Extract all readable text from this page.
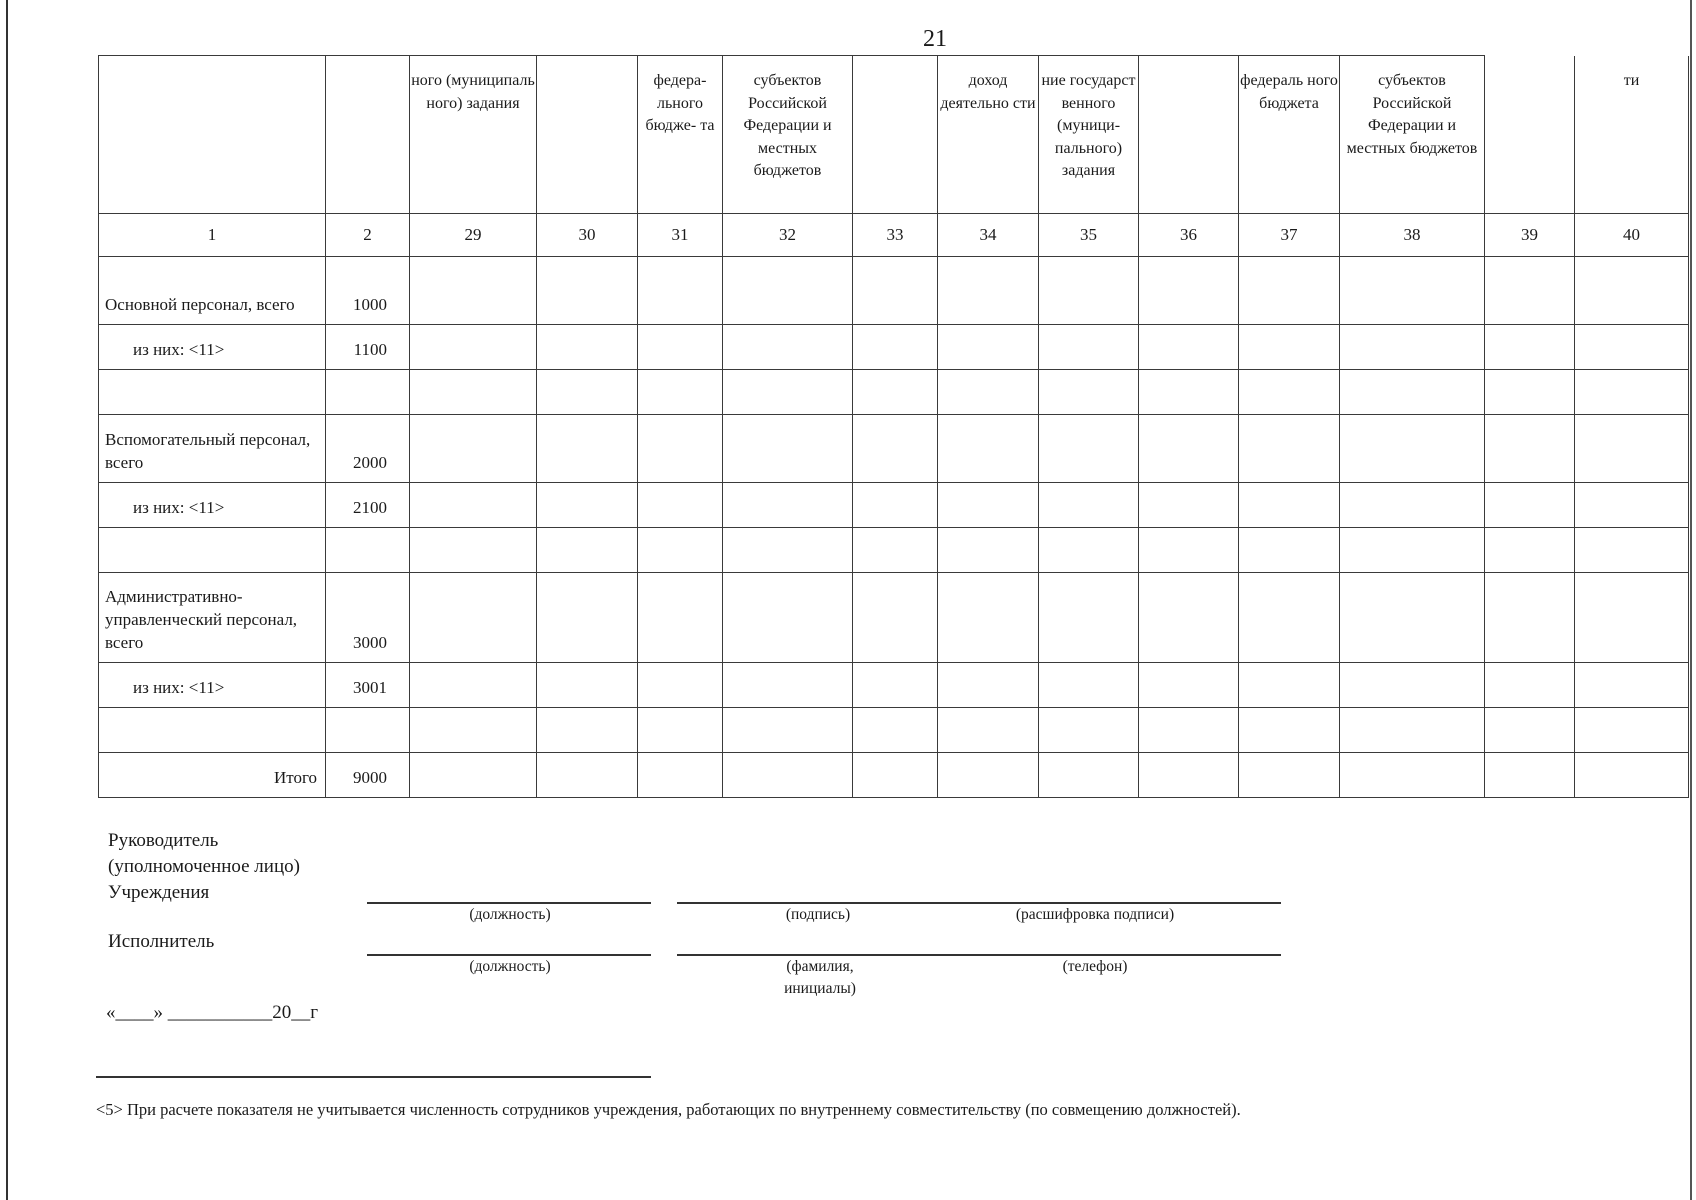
21
		ного (муниципаль ного) задания		федера- льного бюдже- та	субъектов Российской Федерации и местных бюджетов		доход деятельно сти	ние государст венного (муници- пального) задания		федераль ного бюджета	субъектов Российской Федерации и местных бюджетов		ти
1	2	29	30	31	32	33	34	35	36	37	38	39	40
Основной персонал, всего	1000												
из них: <11>	1100												

Вспомогательный персонал, всего	2000												
из них: <11>	2100												

Административно-управленческий персонал, всего	3000												
из них: <11>	3001												

Итого	9000												
Руководитель
(уполномоченное лицо)
Учреждения
(должность)	(подпись)	(расшифровка подписи)
Исполнитель
(должность)	(фамилия,
инициалы)
(телефон)
«____» ___________20__г
<5> При расчете показателя не учитывается численность сотрудников учреждения, работающих по внутреннему совместительству (по совмещению должностей).
